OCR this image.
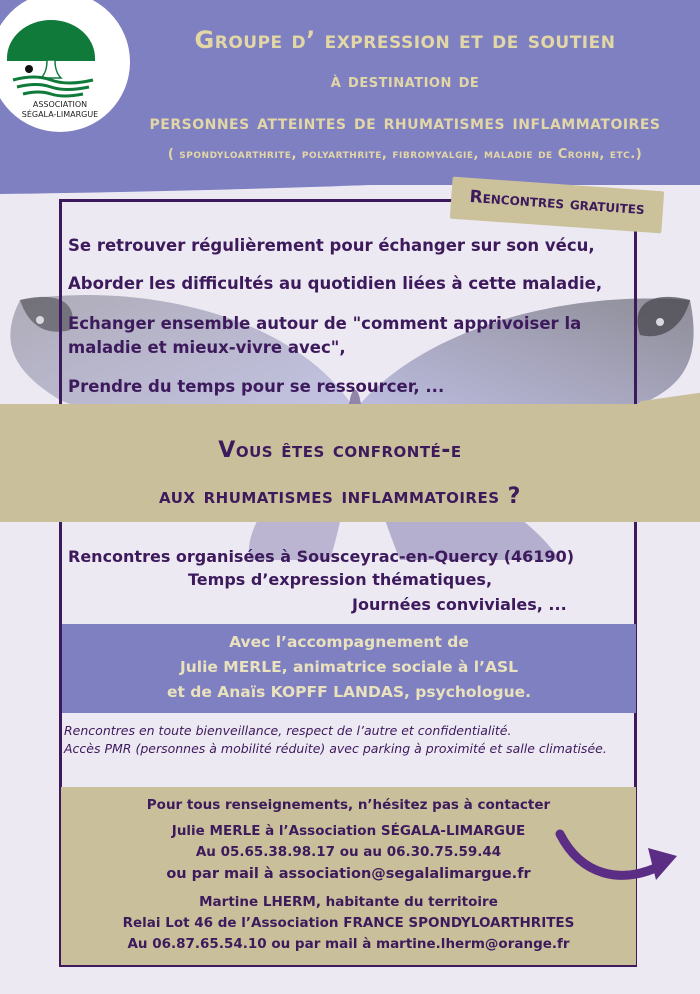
ASSOCIATION
SÉGALA-LIMARGUE
Groupe d’ expression et de soutien
à destination de
personnes atteintes de rhumatismes inflammatoires
( spondyloarthrite, polyarthrite, fibromyalgie, maladie de Crohn, etc.)
Rencontres gratuites
Se retrouver régulièrement pour échanger sur son vécu,
Aborder les difficultés au quotidien liées à cette maladie,
Echanger ensemble autour de "comment apprivoiser la maladie et mieux-vivre avec",
Prendre du temps pour se ressourcer, ...
Vous êtes confronté-e
aux rhumatismes inflammatoires ?
Rencontres organisées à Sousceyrac-en-Quercy (46190)
Temps d’expression thématiques,
Journées conviviales, ...
Avec l’accompagnement de
Julie MERLE, animatrice sociale à l’ASL
et de Anaïs KOPFF LANDAS, psychologue.
Rencontres en toute bienveillance, respect de l’autre et confidentialité.
Accès PMR (personnes à mobilité réduite) avec parking à proximité et salle climatisée.
Pour tous renseignements, n’hésitez pas à contacter
Julie MERLE à l’Association SÉGALA-LIMARGUE
Au 05.65.38.98.17 ou au 06.30.75.59.44
ou par mail à association@segalalimargue.fr
Martine LHERM, habitante du territoire
Relai Lot 46 de l’Association FRANCE SPONDYLOARTHRITES
Au 06.87.65.54.10 ou par mail à martine.lherm@orange.fr
